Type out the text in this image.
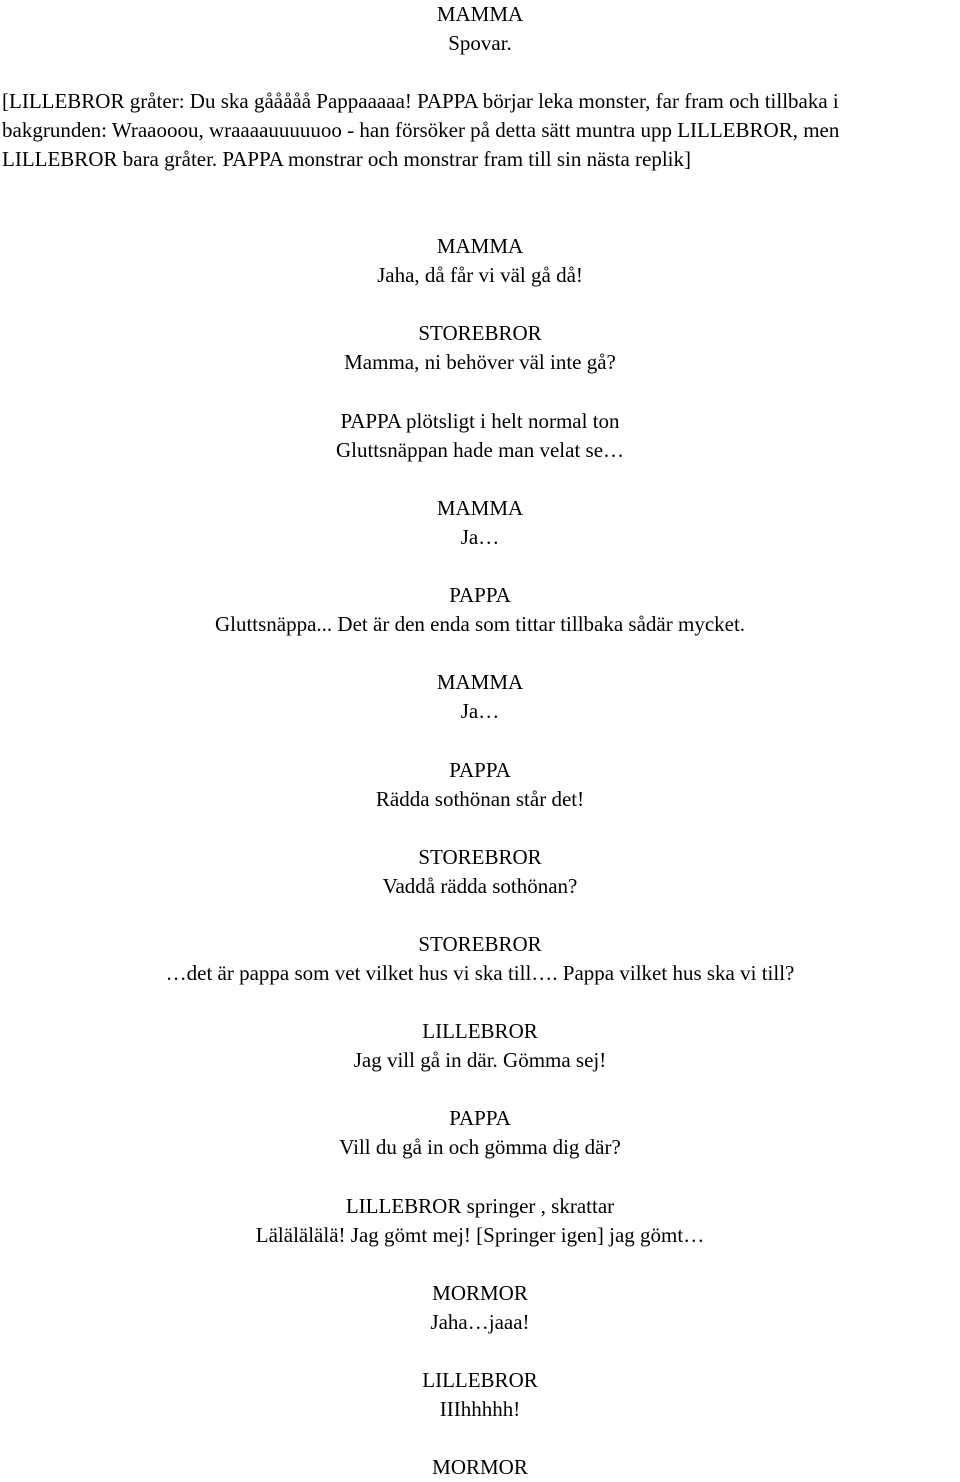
MAMMA
Spovar.
[LILLEBROR gråter: Du ska gååååå Pappaaaaa! PAPPA börjar leka monster, far fram och tillbaka i
bakgrunden: Wraaooou, wraaaauuuuuoo - han försöker på detta sätt muntra upp LILLEBROR, men
LILLEBROR bara gråter. PAPPA monstrar och monstrar fram till sin nästa replik]
MAMMA
Jaha, då får vi väl gå då!
STOREBROR
Mamma, ni behöver väl inte gå?
PAPPA plötsligt i helt normal ton
Gluttsnäppan hade man velat se…
MAMMA
Ja…
PAPPA
Gluttsnäppa... Det är den enda som tittar tillbaka sådär mycket.
MAMMA
Ja…
PAPPA
Rädda sothönan står det!
STOREBROR
Vaddå rädda sothönan?
STOREBROR
…det är pappa som vet vilket hus vi ska till…. Pappa vilket hus ska vi till?
LILLEBROR
Jag vill gå in där. Gömma sej!
PAPPA
Vill du gå in och gömma dig där?
LILLEBROR springer , skrattar
Lälälälälä! Jag gömt mej! [Springer igen] jag gömt…
MORMOR
Jaha…jaaa!
LILLEBROR
IIIhhhhh!
MORMOR
